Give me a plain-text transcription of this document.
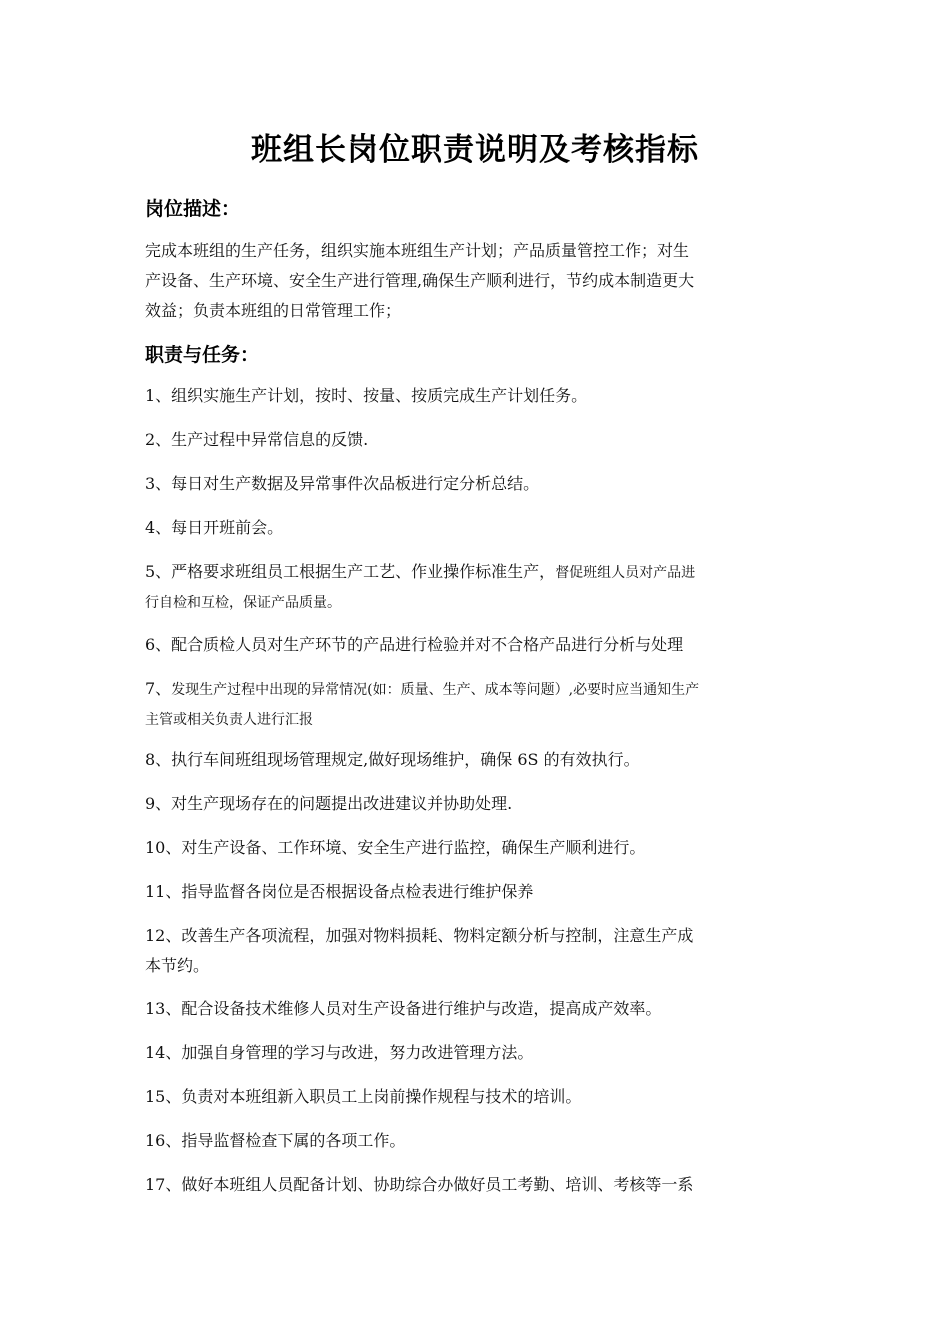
班组长岗位职责说明及考核指标
岗位描述：
完成本班组的生产任务，组织实施本班组生产计划；产品质量管控工作；对生
产设备、生产环境、安全生产进行管理,确保生产顺利进行，节约成本制造更大
效益；负责本班组的日常管理工作；
职责与任务：
1、组织实施生产计划，按时、按量、按质完成生产计划任务。
2、生产过程中异常信息的反馈.
3、每日对生产数据及异常事件次品板进行定分析总结。
4、每日开班前会。
5、严格要求班组员工根据生产工艺、作业操作标准生产，督促班组人员对产品进
行自检和互检，保证产品质量。
6、配合质检人员对生产环节的产品进行检验并对不合格产品进行分析与处理
7、发现生产过程中出现的异常情况(如：质量、生产、成本等问题）,必要时应当通知生产
主管或相关负责人进行汇报
8、执行车间班组现场管理规定,做好现场维护，确保 6S 的有效执行。
9、对生产现场存在的问题提出改进建议并协助处理.
10、对生产设备、工作环境、安全生产进行监控，确保生产顺利进行。
11、指导监督各岗位是否根据设备点检表进行维护保养
12、改善生产各项流程，加强对物料损耗、物料定额分析与控制，注意生产成
本节约。
13、配合设备技术维修人员对生产设备进行维护与改造，提高成产效率。
14、加强自身管理的学习与改进，努力改进管理方法。
15、负责对本班组新入职员工上岗前操作规程与技术的培训。
16、指导监督检查下属的各项工作。
17、做好本班组人员配备计划、协助综合办做好员工考勤、培训、考核等一系
